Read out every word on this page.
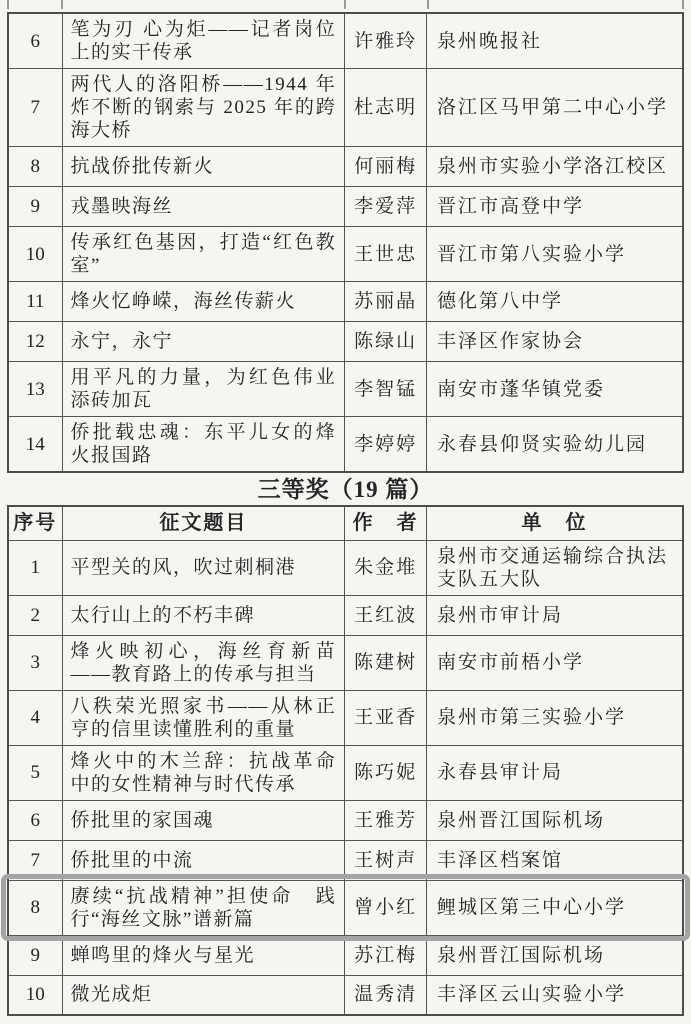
6	笔为刃 心为炬——记者岗位上的实干传承	许雅玲	泉州晚报社
7	两代人的洛阳桥——1944 年炸不断的钢索与 2025 年的跨海大桥	杜志明	洛江区马甲第二中心小学
8	抗战侨批传新火	何丽梅	泉州市实验小学洛江校区
9	戎墨映海丝	李爱萍	晋江市高登中学
10	传承红色基因，打造“红色教室”	王世忠	晋江市第八实验小学
11	烽火忆峥嵘，海丝传薪火	苏丽晶	德化第八中学
12	永宁，永宁	陈绿山	丰泽区作家协会
13	用平凡的力量，为红色伟业添砖加瓦	李智锰	南安市蓬华镇党委
14	侨批载忠魂：东平儿女的烽火报国路	李婷婷	永春县仰贤实验幼儿园
三等奖（19 篇）
序号	征文题目	作　者	单　位
1	平型关的风，吹过刺桐港	朱金堆	泉州市交通运输综合执法支队五大队
2	太行山上的不朽丰碑	王红波	泉州市审计局
3	烽火映初心，海丝育新苗——教育路上的传承与担当	陈建树	南安市前梧小学
4	八秩荣光照家书——从林正亨的信里读懂胜利的重量	王亚香	泉州市第三实验小学
5	烽火中的木兰辞：抗战革命中的女性精神与时代传承	陈巧妮	永春县审计局
6	侨批里的家国魂	王雅芳	泉州晋江国际机场
7	侨批里的中流	王树声	丰泽区档案馆
8	赓续“抗战精神”担使命　践行“海丝文脉”谱新篇	曾小红	鲤城区第三中心小学
9	蝉鸣里的烽火与星光	苏江梅	泉州晋江国际机场
10	微光成炬	温秀清	丰泽区云山实验小学
